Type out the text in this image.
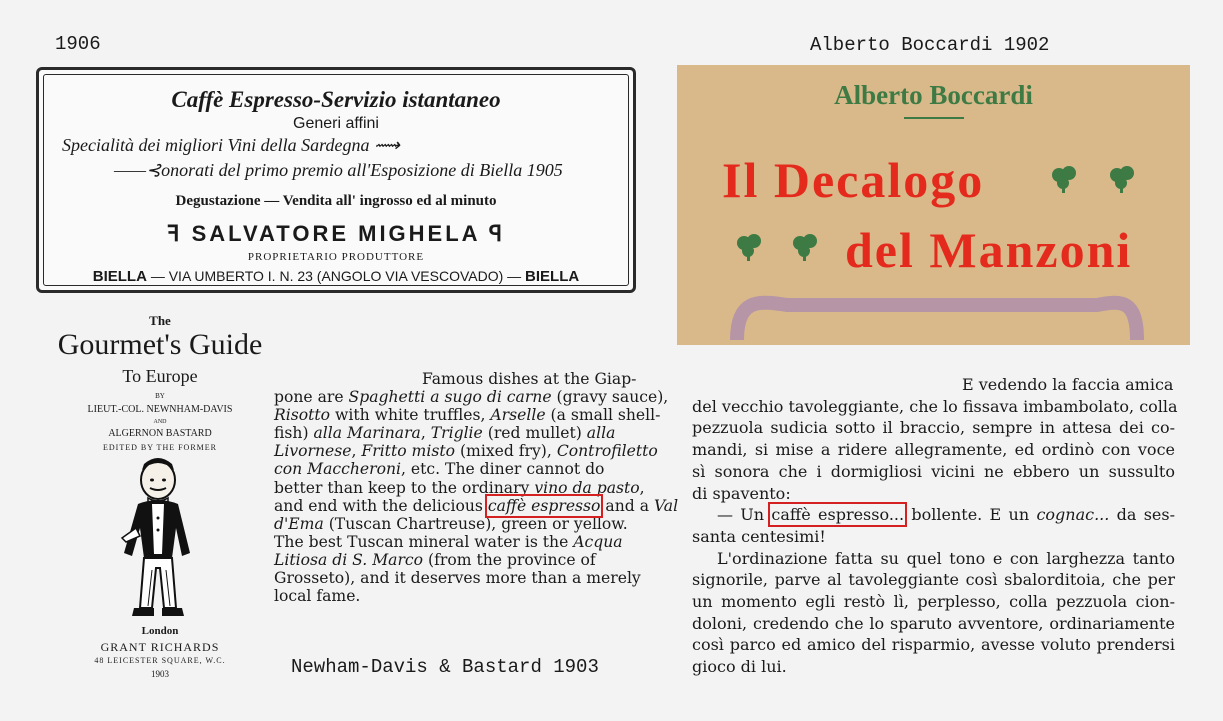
1906	Alberto Boccardi 1902
Newham-Davis & Bastard 1903
Caffè Espresso-Servizio istantaneo
Generi affini
Specialità dei migliori Vini della Sardegna ⟿
——⊰onorati del primo premio all'Esposizione di Biella 1905
Degustazione — Vendita all' ingrosso ed al minuto
ꟻ SALVATORE MIGHELA ꟼ
PROPRIETARIO PRODUTTORE
BIELLA — VIA UMBERTO I. N. 23 (ANGOLO VIA VESCOVADO) — BIELLA
Alberto Boccardi
Il Decalogo
del Manzoni
The
Gourmet's Guide
To Europe
BY
LIEUT.-COL. NEWNHAM-DAVIS
AND
ALGERNON BASTARD
EDITED BY THE FORMER
London
GRANT RICHARDS
48 LEICESTER SQUARE, W.C.
1903
Famous dishes at the Giap-
pone are Spaghetti a sugo di carne (gravy sauce),
Risotto with white truffles, Arselle (a small shell-
fish) alla Marinara, Triglie (red mullet) alla
Livornese, Fritto misto (mixed fry), Controfiletto
con Maccheroni, etc. The diner cannot do
better than keep to the ordinary vino da pasto,
and end with the delicious caffè espresso and a Val
d'Ema (Tuscan Chartreuse), green or yellow.
The best Tuscan mineral water is the Acqua
Litiosa di S. Marco (from the province of
Grosseto), and it deserves more than a merely
local fame.
E vedendo la faccia amica
del vecchio tavoleggiante, che lo fissava imbambolato, colla
pezzuola sudicia sotto il braccio, sempre in attesa dei co-
mandi, si mise a ridere allegramente, ed ordinò con voce
sì sonora che i dormigliosi vicini ne ebbero un sussulto
di spavento:
— Un caffè espresso... bollente. E un cognac... da ses-
santa centesimi!
L'ordinazione fatta su quel tono e con larghezza tanto
signorile, parve al tavoleggiante così sbalorditoia, che per
un momento egli restò lì, perplesso, colla pezzuola cion-
doloni, credendo che lo sparuto avventore, ordinariamente
così parco ed amico del risparmio, avesse voluto prendersi
gioco di lui.
